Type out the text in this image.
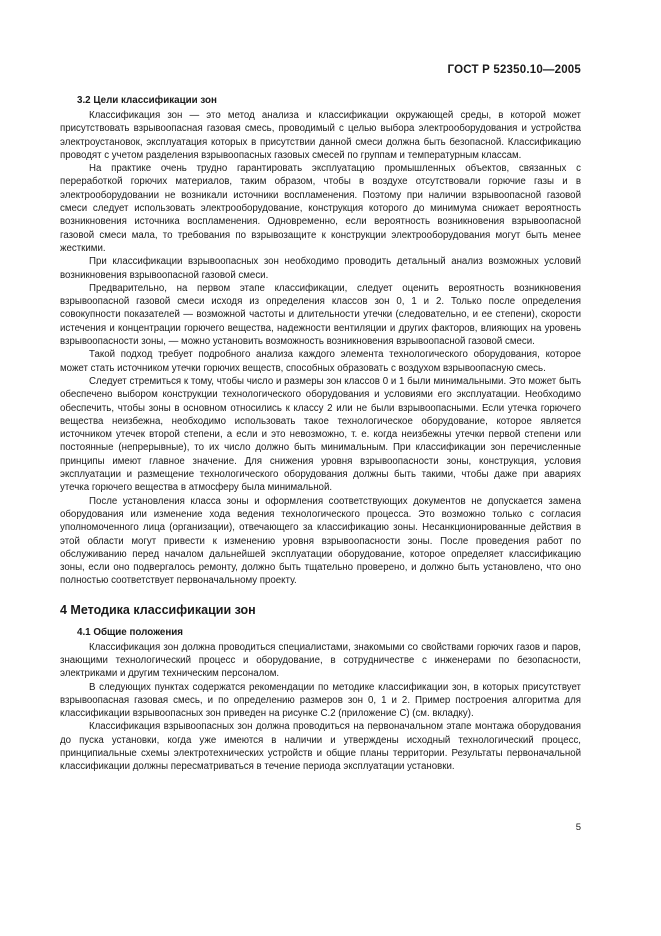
ГОСТ Р 52350.10—2005
3.2 Цели классификации зон

Классификация зон — это метод анализа и классификации окружающей среды, в которой может присутствовать взрывоопасная газовая смесь, проводимый с целью выбора электрооборудования и устройства электроустановок, эксплуатация которых в присутствии данной смеси должна быть безопасной. Классификацию проводят с учетом разделения взрывоопасных газовых смесей по группам и температурным классам.

На практике очень трудно гарантировать эксплуатацию промышленных объектов, связанных с переработкой горючих материалов, таким образом, чтобы в воздухе отсутствовали горючие газы и в электрооборудовании не возникали источники воспламенения. Поэтому при наличии взрывоопасной газовой смеси следует использовать электрооборудование, конструкция которого до минимума снижает вероятность возникновения источника воспламенения. Одновременно, если вероятность возникновения взрывоопасной газовой смеси мала, то требования по взрывозащите к конструкции электрооборудования могут быть менее жесткими.

При классификации взрывоопасных зон необходимо проводить детальный анализ возможных условий возникновения взрывоопасной газовой смеси.

Предварительно, на первом этапе классификации, следует оценить вероятность возникновения взрывоопасной газовой смеси исходя из определения классов зон 0, 1 и 2. Только после определения совокупности показателей — возможной частоты и длительности утечки (следовательно, и ее степени), скорости истечения и концентрации горючего вещества, надежности вентиляции и других факторов, влияющих на уровень взрывоопасности зоны, — можно установить возможность возникновения взрывоопасной газовой смеси.

Такой подход требует подробного анализа каждого элемента технологического оборудования, которое может стать источником утечки горючих веществ, способных образовать с воздухом взрывоопасную смесь.

Следует стремиться к тому, чтобы число и размеры зон классов 0 и 1 были минимальными. Это может быть обеспечено выбором конструкции технологического оборудования и условиями его эксплуатации. Необходимо обеспечить, чтобы зоны в основном относились к классу 2 или не были взрывоопасными. Если утечка горючего вещества неизбежна, необходимо использовать такое технологическое оборудование, которое является источником утечек второй степени, а если и это невозможно, т. е. когда неизбежны утечки первой степени или постоянные (непрерывные), то их число должно быть минимальным. При классификации зон перечисленные принципы имеют главное значение. Для снижения уровня взрывоопасности зоны, конструкция, условия эксплуатации и размещение технологического оборудования должны быть такими, чтобы даже при авариях утечка горючего вещества в атмосферу была минимальной.

После установления класса зоны и оформления соответствующих документов не допускается замена оборудования или изменение хода ведения технологического процесса. Это возможно только с согласия уполномоченного лица (организации), отвечающего за классификацию зоны. Несанкционированные действия в этой области могут привести к изменению уровня взрывоопасности зоны. После проведения работ по обслуживанию перед началом дальнейшей эксплуатации оборудование, которое определяет классификацию зоны, если оно подвергалось ремонту, должно быть тщательно проверено, и должно быть установлено, что оно полностью соответствует первоначальному проекту.

4 Методика классификации зон
4.1 Общие положения

Классификация зон должна проводиться специалистами, знакомыми со свойствами горючих газов и паров, знающими технологический процесс и оборудование, в сотрудничестве с инженерами по безопасности, электриками и другим техническим персоналом.

В следующих пунктах содержатся рекомендации по методике классификации зон, в которых присутствует взрывоопасная газовая смесь, и по определению размеров зон 0, 1 и 2. Пример построения алгоритма для классификации взрывоопасных зон приведен на рисунке С.2 (приложение С) (см. вкладку).

Классификация взрывоопасных зон должна проводиться на первоначальном этапе монтажа оборудования до пуска установки, когда уже имеются в наличии и утверждены исходный технологический процесс, принципиальные схемы электротехнических устройств и общие планы территории. Результаты первоначальной классификации должны пересматриваться в течение периода эксплуатации установки.

5
